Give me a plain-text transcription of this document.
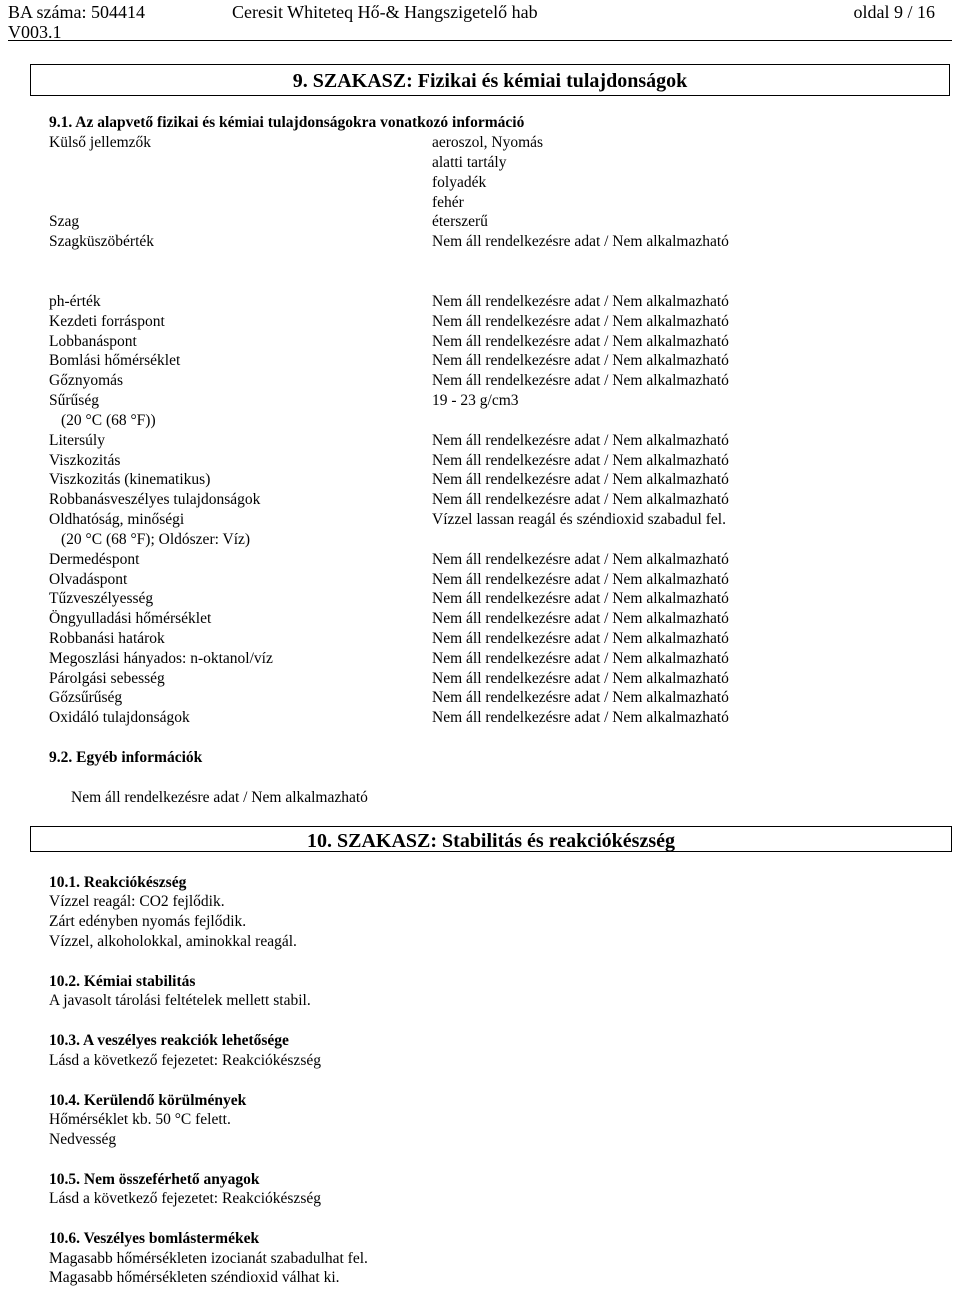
BA száma: 504414
V003.1
Ceresit Whiteteq Hő-& Hangszigetelő hab	oldal 9 / 16
9. SZAKASZ: Fizikai és kémiai tulajdonságok
9.1. Az alapvető fizikai és kémiai tulajdonságokra vonatkozó információ
Külső jellemzők	aeroszol, Nyomás
alatti tartály
folyadék
fehér
Szag	éterszerű
Szagküszöbérték	Nem áll rendelkezésre adat / Nem alkalmazható
ph-érték	Nem áll rendelkezésre adat / Nem alkalmazható
Kezdeti forráspont	Nem áll rendelkezésre adat / Nem alkalmazható
Lobbanáspont	Nem áll rendelkezésre adat / Nem alkalmazható
Bomlási hőmérséklet	Nem áll rendelkezésre adat / Nem alkalmazható
Gőznyomás	Nem áll rendelkezésre adat / Nem alkalmazható
Sűrűség	19 - 23 g/cm3
(20 °C (68 °F))
Litersúly	Nem áll rendelkezésre adat / Nem alkalmazható
Viszkozitás	Nem áll rendelkezésre adat / Nem alkalmazható
Viszkozitás (kinematikus)	Nem áll rendelkezésre adat / Nem alkalmazható
Robbanásveszélyes tulajdonságok	Nem áll rendelkezésre adat / Nem alkalmazható
Oldhatóság, minőségi	Vízzel lassan reagál és széndioxid szabadul fel.
(20 °C (68 °F); Oldószer: Víz)
Dermedéspont	Nem áll rendelkezésre adat / Nem alkalmazható
Olvadáspont	Nem áll rendelkezésre adat / Nem alkalmazható
Tűzveszélyesség	Nem áll rendelkezésre adat / Nem alkalmazható
Öngyulladási hőmérséklet	Nem áll rendelkezésre adat / Nem alkalmazható
Robbanási határok	Nem áll rendelkezésre adat / Nem alkalmazható
Megoszlási hányados: n-oktanol/víz	Nem áll rendelkezésre adat / Nem alkalmazható
Párolgási sebesség	Nem áll rendelkezésre adat / Nem alkalmazható
Gőzsűrűség	Nem áll rendelkezésre adat / Nem alkalmazható
Oxidáló tulajdonságok	Nem áll rendelkezésre adat / Nem alkalmazható
9.2. Egyéb információk
Nem áll rendelkezésre adat / Nem alkalmazható
10. SZAKASZ: Stabilitás és reakciókészség
10.1. Reakciókészség
Vízzel reagál: CO2 fejlődik.
Zárt edényben nyomás fejlődik.
Vízzel, alkoholokkal, aminokkal reagál.
10.2. Kémiai stabilitás
A javasolt tárolási feltételek mellett stabil.
10.3. A veszélyes reakciók lehetősége
Lásd a következő fejezetet: Reakciókészség
10.4. Kerülendő körülmények
Hőmérséklet kb. 50 °C felett.
Nedvesség
10.5. Nem összeférhető anyagok
Lásd a következő fejezetet: Reakciókészség
10.6. Veszélyes bomlástermékek
Magasabb hőmérsékleten izocianát szabadulhat fel.
Magasabb hőmérsékleten széndioxid válhat ki.
